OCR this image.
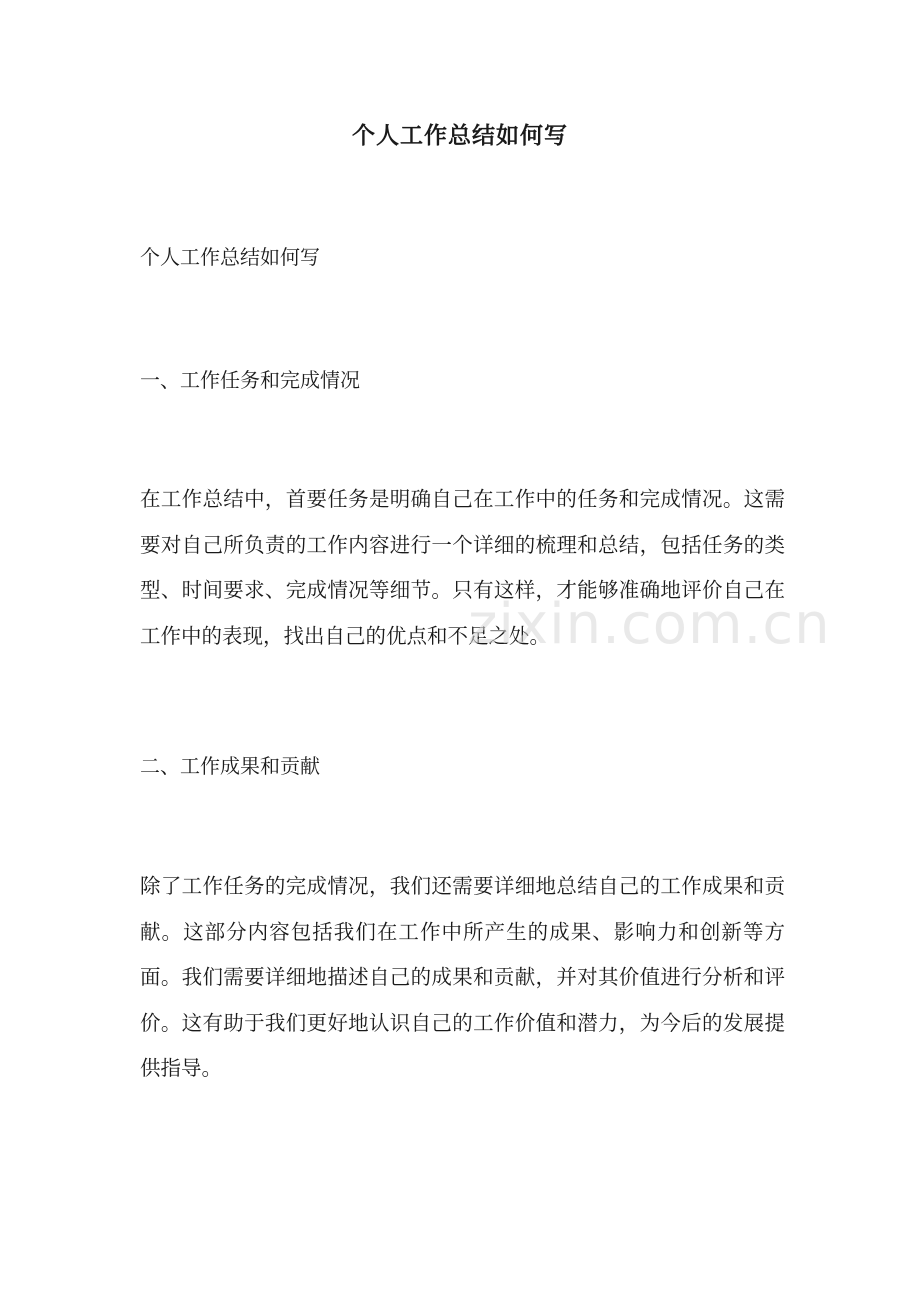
个人工作总结如何写
个人工作总结如何写
一、工作任务和完成情况

在工作总结中，首要任务是明确自己在工作中的任务和完成情况。这需要对自己所负责的工作内容进行一个详细的梳理和总结，包括任务的类型、时间要求、完成情况等细节。只有这样，才能够准确地评价自己在工作中的表现，找出自己的优点和不足之处。

二、工作成果和贡献

除了工作任务的完成情况，我们还需要详细地总结自己的工作成果和贡献。这部分内容包括我们在工作中所产生的成果、影响力和创新等方面。我们需要详细地描述自己的成果和贡献，并对其价值进行分析和评价。这有助于我们更好地认识自己的工作价值和潜力，为今后的发展提供指导。

zixin.com.cn
